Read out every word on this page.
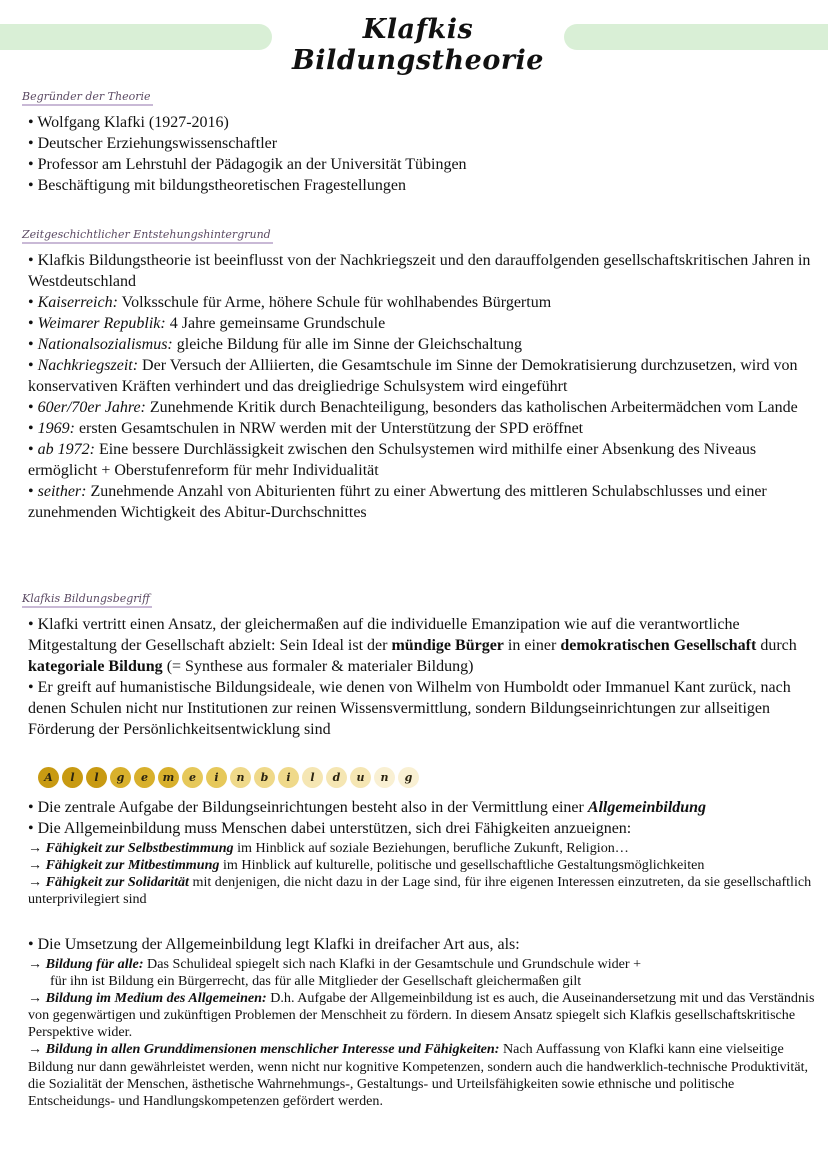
Klafkis Bildungstheorie
Begründer der Theorie

• Wolfgang Klafki (1927-2016)

• Deutscher Erziehungswissenschaftler

• Professor am Lehrstuhl der Pädagogik an der Universität Tübingen

• Beschäftigung mit bildungstheoretischen Fragestellungen

Zeitgeschichtlicher Entstehungshintergrund

• Klafkis Bildungstheorie ist beeinflusst von der Nachkriegszeit und den darauffolgenden gesellschaftskritischen Jahren in Westdeutschland

• Kaiserreich: Volksschule für Arme, höhere Schule für wohlhabendes Bürgertum

• Weimarer Republik: 4 Jahre gemeinsame Grundschule

• Nationalsozialismus: gleiche Bildung für alle im Sinne der Gleichschaltung

• Nachkriegszeit: Der Versuch der Alliierten, die Gesamtschule im Sinne der Demokratisierung durchzusetzen, wird von konservativen Kräften verhindert und das dreigliedrige Schulsystem wird eingeführt

• 60er/70er Jahre: Zunehmende Kritik durch Benachteiligung, besonders das katholischen Arbeitermädchen vom Lande

• 1969: ersten Gesamtschulen in NRW werden mit der Unterstützung der SPD eröffnet

• ab 1972: Eine bessere Durchlässigkeit zwischen den Schulsystemen wird mithilfe einer Absenkung des Niveaus ermöglicht + Oberstufenreform für mehr Individualität

• seither: Zunehmende Anzahl von Abiturienten führt zu einer Abwertung des mittleren Schulabschlusses und einer zunehmenden Wichtigkeit des Abitur-Durchschnittes

Klafkis Bildungsbegriff

• Klafki vertritt einen Ansatz, der gleichermaßen auf die individuelle Emanzipation wie auf die verantwortliche Mitgestaltung der Gesellschaft abzielt: Sein Ideal ist der mündige Bürger in einer demokratischen Gesellschaft durch kategoriale Bildung (= Synthese aus formaler & materialer Bildung)

• Er greift auf humanistische Bildungsideale, wie denen von Wilhelm von Humboldt oder Immanuel Kant zurück, nach denen Schulen nicht nur Institutionen zur reinen Wissensvermittlung, sondern Bildungseinrichtungen zur allseitigen Förderung der Persönlichkeitsentwicklung sind

A	l	l	g	e	m	e	i	n	b	i	l	d	u	n	g

• Die zentrale Aufgabe der Bildungseinrichtungen besteht also in der Vermittlung einer Allgemeinbildung

• Die Allgemeinbildung muss Menschen dabei unterstützen, sich drei Fähigkeiten anzueignen:

→ Fähigkeit zur Selbstbestimmung im Hinblick auf soziale Beziehungen, berufliche Zukunft, Religion…

→ Fähigkeit zur Mitbestimmung im Hinblick auf kulturelle, politische und gesellschaftliche Gestaltungsmöglichkeiten

→ Fähigkeit zur Solidarität mit denjenigen, die nicht dazu in der Lage sind, für ihre eigenen Interessen einzutreten, da sie gesellschaftlich unterprivilegiert sind

• Die Umsetzung der Allgemeinbildung legt Klafki in dreifacher Art aus, als:

→ Bildung für alle: Das Schulideal spiegelt sich nach Klafki in der Gesamtschule und Grundschule wider +

für ihn ist Bildung ein Bürgerrecht, das für alle Mitglieder der Gesellschaft gleichermaßen gilt

→ Bildung im Medium des Allgemeinen: D.h. Aufgabe der Allgemeinbildung ist es auch, die Auseinandersetzung mit und das Verständnis von gegenwärtigen und zukünftigen Problemen der Menschheit zu fördern. In diesem Ansatz spiegelt sich Klafkis gesellschaftskritische Perspektive wider.

→ Bildung in allen Grunddimensionen menschlicher Interesse und Fähigkeiten: Nach Auffassung von Klafki kann eine vielseitige Bildung nur dann gewährleistet werden, wenn nicht nur kognitive Kompetenzen, sondern auch die handwerklich-technische Produktivität, die Sozialität der Menschen, ästhetische Wahrnehmungs-, Gestaltungs- und Urteilsfähigkeiten sowie ethnische und politische Entscheidungs- und Handlungskompetenzen gefördert werden.
